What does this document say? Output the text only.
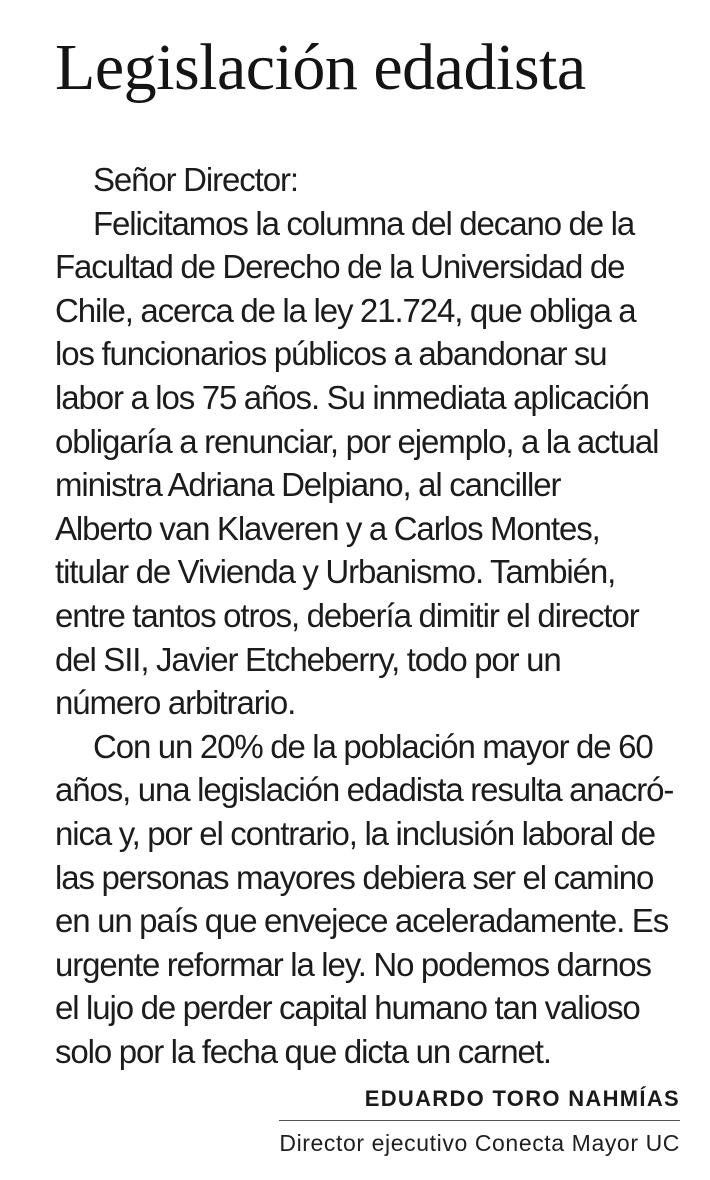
Legislación edadista
Señor Director:
Felicitamos la columna del decano de la
Facultad de Derecho de la Universidad de
Chile, acerca de la ley 21.724, que obliga a
los funcionarios públicos a abandonar su
labor a los 75 años. Su inmediata aplicación
obligaría a renunciar, por ejemplo, a la actual
ministra Adriana Delpiano, al canciller
Alberto van Klaveren y a Carlos Montes,
titular de Vivienda y Urbanismo. También,
entre tantos otros, debería dimitir el director
del SII, Javier Etcheberry, todo por un
número arbitrario.
Con un 20% de la población mayor de 60
años, una legislación edadista resulta anacró-
nica y, por el contrario, la inclusión laboral de
las personas mayores debiera ser el camino
en un país que envejece aceleradamente. Es
urgente reformar la ley. No podemos darnos
el lujo de perder capital humano tan valioso
solo por la fecha que dicta un carnet.
EDUARDO TORO NAHMÍAS
Director ejecutivo Conecta Mayor UC
